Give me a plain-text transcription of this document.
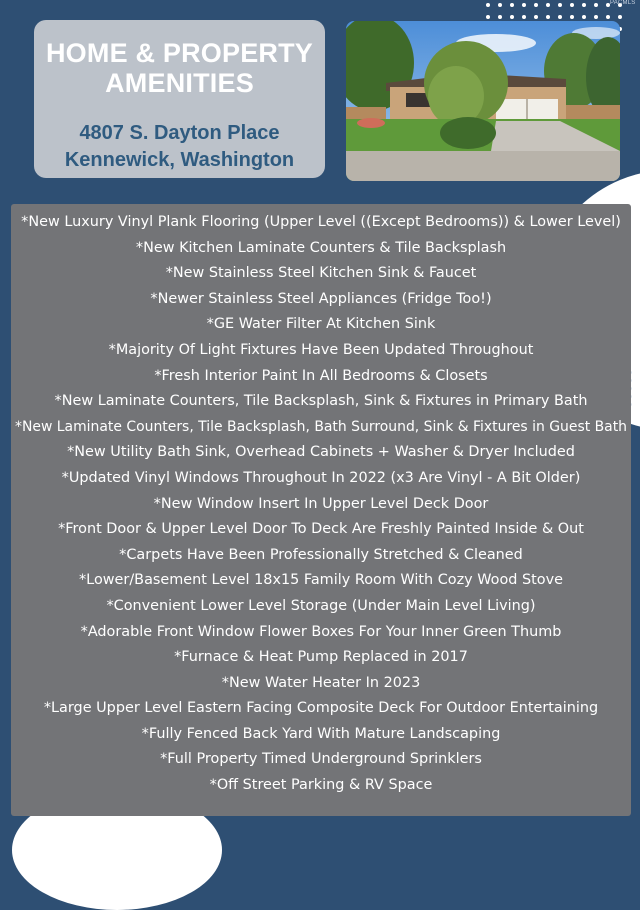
PACMLS
HOME & PROPERTY
AMENITIES
4807 S. Dayton Place
Kennewick, Washington
*New Luxury Vinyl Plank Flooring (Upper Level ((Except Bedrooms)) & Lower Level)
*New Kitchen Laminate Counters & Tile Backsplash
*New Stainless Steel Kitchen Sink & Faucet
*Newer Stainless Steel Appliances (Fridge Too!)
*GE Water Filter At Kitchen Sink
*Majority Of Light Fixtures Have Been Updated Throughout
*Fresh Interior Paint In All Bedrooms & Closets
*New Laminate Counters, Tile Backsplash, Sink & Fixtures in Primary Bath
*New Laminate Counters, Tile Backsplash, Bath Surround, Sink & Fixtures in Guest Bath
*New Utility Bath Sink, Overhead Cabinets + Washer & Dryer Included
*Updated Vinyl Windows Throughout In 2022 (x3 Are Vinyl - A Bit Older)
*New Window Insert In Upper Level Deck Door
*Front Door & Upper Level Door To Deck Are Freshly Painted Inside & Out
*Carpets Have Been Professionally Stretched & Cleaned
*Lower/Basement Level 18x15 Family Room With Cozy Wood Stove
*Convenient Lower Level Storage (Under Main Level Living)
*Adorable Front Window Flower Boxes For Your Inner Green Thumb
*Furnace & Heat Pump Replaced in 2017
*New Water Heater In 2023
*Large Upper Level Eastern Facing Composite Deck For Outdoor Entertaining
*Fully Fenced Back Yard With Mature Landscaping
*Full Property Timed Underground Sprinklers
*Off Street Parking & RV Space
